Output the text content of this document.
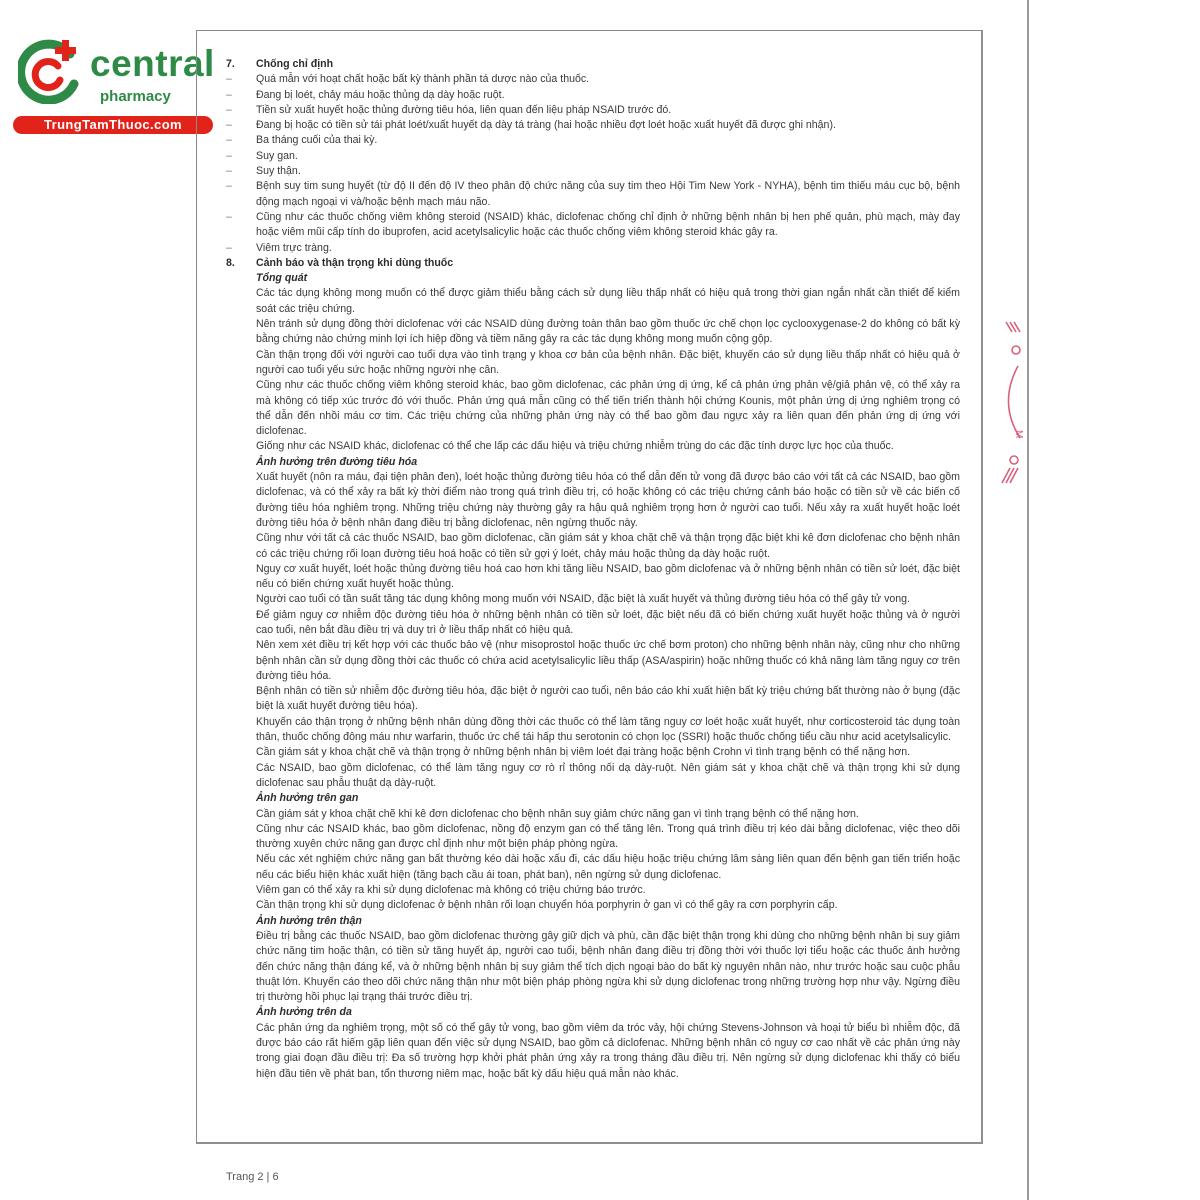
central
pharmacy
TrungTamThuoc.com
7.	Chống chỉ định
–	Quá mẫn với hoạt chất hoặc bất kỳ thành phần tá dược nào của thuốc.
–	Đang bị loét, chảy máu hoặc thủng dạ dày hoặc ruột.
–	Tiền sử xuất huyết hoặc thủng đường tiêu hóa, liên quan đến liệu pháp NSAID trước đó.
–	Đang bị hoặc có tiền sử tái phát loét/xuất huyết dạ dày tá tràng (hai hoặc nhiều đợt loét hoặc xuất huyết đã được ghi nhận).
–	Ba tháng cuối của thai kỳ.
–	Suy gan.
–	Suy thận.
–	Bệnh suy tim sung huyết (từ độ II đến độ IV theo phân độ chức năng của suy tim theo Hội Tim New York - NYHA), bệnh tim thiếu máu cục bộ, bệnh động mạch ngoại vi và/hoặc bệnh mạch máu não.
–	Cũng như các thuốc chống viêm không steroid (NSAID) khác, diclofenac chống chỉ định ở những bệnh nhân bị hen phế quản, phù mạch, mày đay hoặc viêm mũi cấp tính do ibuprofen, acid acetylsalicylic hoặc các thuốc chống viêm không steroid khác gây ra.
–	Viêm trực tràng.
8.	Cảnh báo và thận trọng khi dùng thuốc
Tổng quát
Các tác dụng không mong muốn có thể được giảm thiểu bằng cách sử dụng liều thấp nhất có hiệu quả trong thời gian ngắn nhất cần thiết để kiểm soát các triệu chứng.
Nên tránh sử dụng đồng thời diclofenac với các NSAID dùng đường toàn thân bao gồm thuốc ức chế chọn lọc cyclooxygenase-2 do không có bất kỳ bằng chứng nào chứng minh lợi ích hiệp đồng và tiềm năng gây ra các tác dụng không mong muốn cộng gộp.
Cần thận trọng đối với người cao tuổi dựa vào tình trạng y khoa cơ bản của bệnh nhân. Đặc biệt, khuyến cáo sử dụng liều thấp nhất có hiệu quả ở người cao tuổi yếu sức hoặc những người nhẹ cân.
Cũng như các thuốc chống viêm không steroid khác, bao gồm diclofenac, các phản ứng dị ứng, kể cả phản ứng phản vệ/giả phản vệ, có thể xảy ra mà không có tiếp xúc trước đó với thuốc. Phản ứng quá mẫn cũng có thể tiến triển thành hội chứng Kounis, một phản ứng dị ứng nghiêm trọng có thể dẫn đến nhồi máu cơ tim. Các triệu chứng của những phản ứng này có thể bao gồm đau ngực xảy ra liên quan đến phản ứng dị ứng với diclofenac.
Giống như các NSAID khác, diclofenac có thể che lấp các dấu hiệu và triệu chứng nhiễm trùng do các đặc tính dược lực học của thuốc.
Ảnh hưởng trên đường tiêu hóa
Xuất huyết (nôn ra máu, đại tiện phân đen), loét hoặc thủng đường tiêu hóa có thể dẫn đến tử vong đã được báo cáo với tất cả các NSAID, bao gồm diclofenac, và có thể xảy ra bất kỳ thời điểm nào trong quá trình điều trị, có hoặc không có các triệu chứng cảnh báo hoặc có tiền sử về các biến cố đường tiêu hóa nghiêm trọng. Những triệu chứng này thường gây ra hậu quả nghiêm trọng hơn ở người cao tuổi. Nếu xảy ra xuất huyết hoặc loét đường tiêu hóa ở bệnh nhân đang điều trị bằng diclofenac, nên ngừng thuốc này.
Cũng như với tất cả các thuốc NSAID, bao gồm diclofenac, cần giám sát y khoa chặt chẽ và thận trọng đặc biệt khi kê đơn diclofenac cho bệnh nhân có các triệu chứng rối loạn đường tiêu hoá hoặc có tiền sử gợi ý loét, chảy máu hoặc thủng dạ dày hoặc ruột.
Nguy cơ xuất huyết, loét hoặc thủng đường tiêu hoá cao hơn khi tăng liều NSAID, bao gồm diclofenac và ở những bệnh nhân có tiền sử loét, đặc biệt nếu có biến chứng xuất huyết hoặc thủng.
Người cao tuổi có tần suất tăng tác dụng không mong muốn với NSAID, đặc biệt là xuất huyết và thủng đường tiêu hóa có thể gây tử vong.
Để giảm nguy cơ nhiễm độc đường tiêu hóa ở những bệnh nhân có tiền sử loét, đặc biệt nếu đã có biến chứng xuất huyết hoặc thủng và ở người cao tuổi, nên bắt đầu điều trị và duy trì ở liều thấp nhất có hiệu quả.
Nên xem xét điều trị kết hợp với các thuốc bảo vệ (như misoprostol hoặc thuốc ức chế bơm proton) cho những bệnh nhân này, cũng như cho những bệnh nhân cần sử dụng đồng thời các thuốc có chứa acid acetylsalicylic liều thấp (ASA/aspirin) hoặc những thuốc có khả năng làm tăng nguy cơ trên đường tiêu hóa.
Bệnh nhân có tiền sử nhiễm độc đường tiêu hóa, đặc biệt ở người cao tuổi, nên báo cáo khi xuất hiện bất kỳ triệu chứng bất thường nào ở bụng (đặc biệt là xuất huyết đường tiêu hóa).
Khuyến cáo thận trọng ở những bệnh nhân dùng đồng thời các thuốc có thể làm tăng nguy cơ loét hoặc xuất huyết, như corticosteroid tác dụng toàn thân, thuốc chống đông máu như warfarin, thuốc ức chế tái hấp thu serotonin có chọn lọc (SSRI) hoặc thuốc chống tiểu cầu như acid acetylsalicylic.
Cần giám sát y khoa chặt chẽ và thận trọng ở những bệnh nhân bị viêm loét đại tràng hoặc bệnh Crohn vì tình trạng bệnh có thể nặng hơn.
Các NSAID, bao gồm diclofenac, có thể làm tăng nguy cơ rò rỉ thông nối dạ dày-ruột. Nên giám sát y khoa chặt chẽ và thận trọng khi sử dụng diclofenac sau phẫu thuật dạ dày-ruột.
Ảnh hưởng trên gan
Cần giám sát y khoa chặt chẽ khi kê đơn diclofenac cho bệnh nhân suy giảm chức năng gan vì tình trạng bệnh có thể nặng hơn.
Cũng như các NSAID khác, bao gồm diclofenac, nồng độ enzym gan có thể tăng lên. Trong quá trình điều trị kéo dài bằng diclofenac, việc theo dõi thường xuyên chức năng gan được chỉ định như một biện pháp phòng ngừa.
Nếu các xét nghiệm chức năng gan bất thường kéo dài hoặc xấu đi, các dấu hiệu hoặc triệu chứng lâm sàng liên quan đến bệnh gan tiến triển hoặc nếu các biểu hiện khác xuất hiện (tăng bạch cầu ái toan, phát ban), nên ngừng sử dụng diclofenac.
Viêm gan có thể xảy ra khi sử dụng diclofenac mà không có triệu chứng báo trước.
Cần thận trọng khi sử dụng diclofenac ở bệnh nhân rối loạn chuyển hóa porphyrin ở gan vì có thể gây ra cơn porphyrin cấp.
Ảnh hưởng trên thận
Điều trị bằng các thuốc NSAID, bao gồm diclofenac thường gây giữ dịch và phù, cần đặc biệt thận trọng khi dùng cho những bệnh nhân bị suy giảm chức năng tim hoặc thận, có tiền sử tăng huyết áp, người cao tuổi, bệnh nhân đang điều trị đồng thời với thuốc lợi tiểu hoặc các thuốc ảnh hưởng đến chức năng thận đáng kể, và ở những bệnh nhân bị suy giảm thể tích dịch ngoại bào do bất kỳ nguyên nhân nào, như trước hoặc sau cuộc phẫu thuật lớn. Khuyến cáo theo dõi chức năng thận như một biện pháp phòng ngừa khi sử dụng diclofenac trong những trường hợp như vậy. Ngừng điều trị thường hồi phục lại trạng thái trước điều trị.
Ảnh hưởng trên da
Các phản ứng da nghiêm trọng, một số có thể gây tử vong, bao gồm viêm da tróc vảy, hội chứng Stevens-Johnson và hoại tử biểu bì nhiễm độc, đã được báo cáo rất hiếm gặp liên quan đến việc sử dụng NSAID, bao gồm cả diclofenac. Những bệnh nhân có nguy cơ cao nhất về các phản ứng này trong giai đoạn đầu điều trị: Đa số trường hợp khởi phát phản ứng xảy ra trong tháng đầu điều trị. Nên ngừng sử dụng diclofenac khi thấy có biểu hiện đầu tiên về phát ban, tổn thương niêm mạc, hoặc bất kỳ dấu hiệu quá mẫn nào khác.
M
Trang 2 | 6
